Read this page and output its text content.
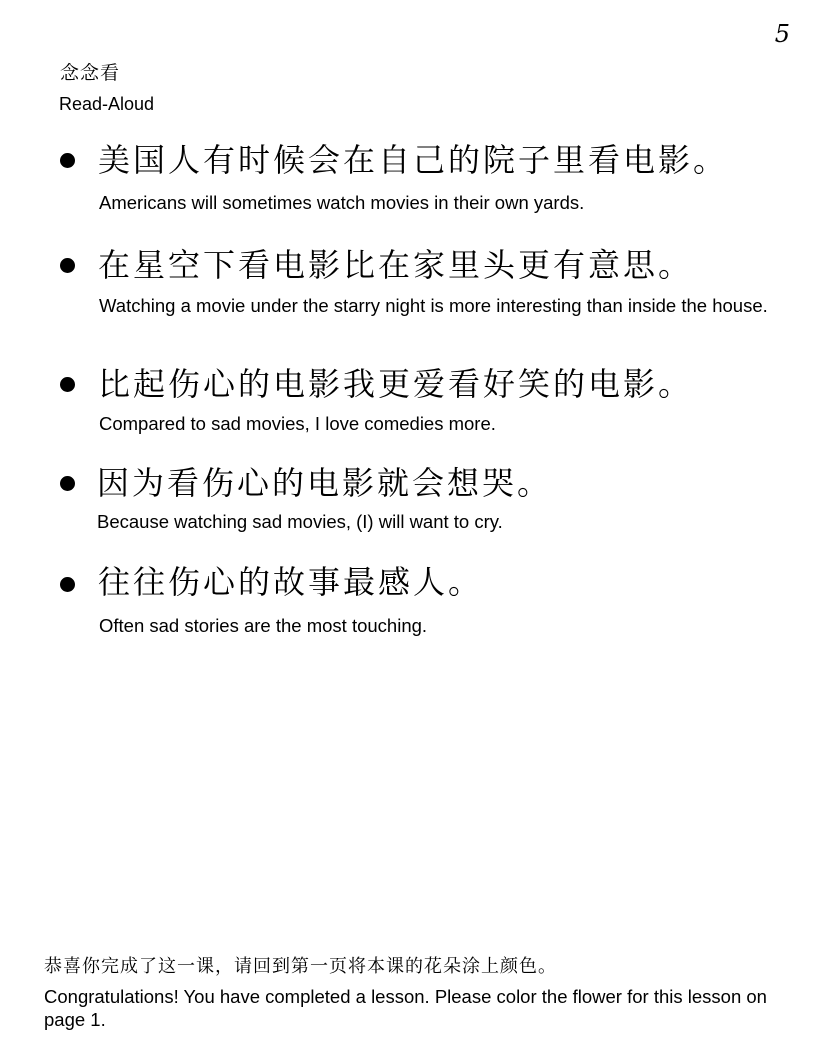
5
念念看
Read-Aloud
美国人有时候会在自己的院子里看电影。
Americans will sometimes watch movies in their own yards.
在星空下看电影比在家里头更有意思。
Watching a movie under the starry night is more interesting than inside the house.
比起伤心的电影我更爱看好笑的电影。
Compared to sad movies, I love comedies more.
因为看伤心的电影就会想哭。
Because watching sad movies, (I) will want to cry.
往往伤心的故事最感人。
Often sad stories are the most touching.
恭喜你完成了这一课，请回到第一页将本课的花朵涂上颜色。
Congratulations! You have completed a lesson. Please color the flower for this lesson on page 1.
